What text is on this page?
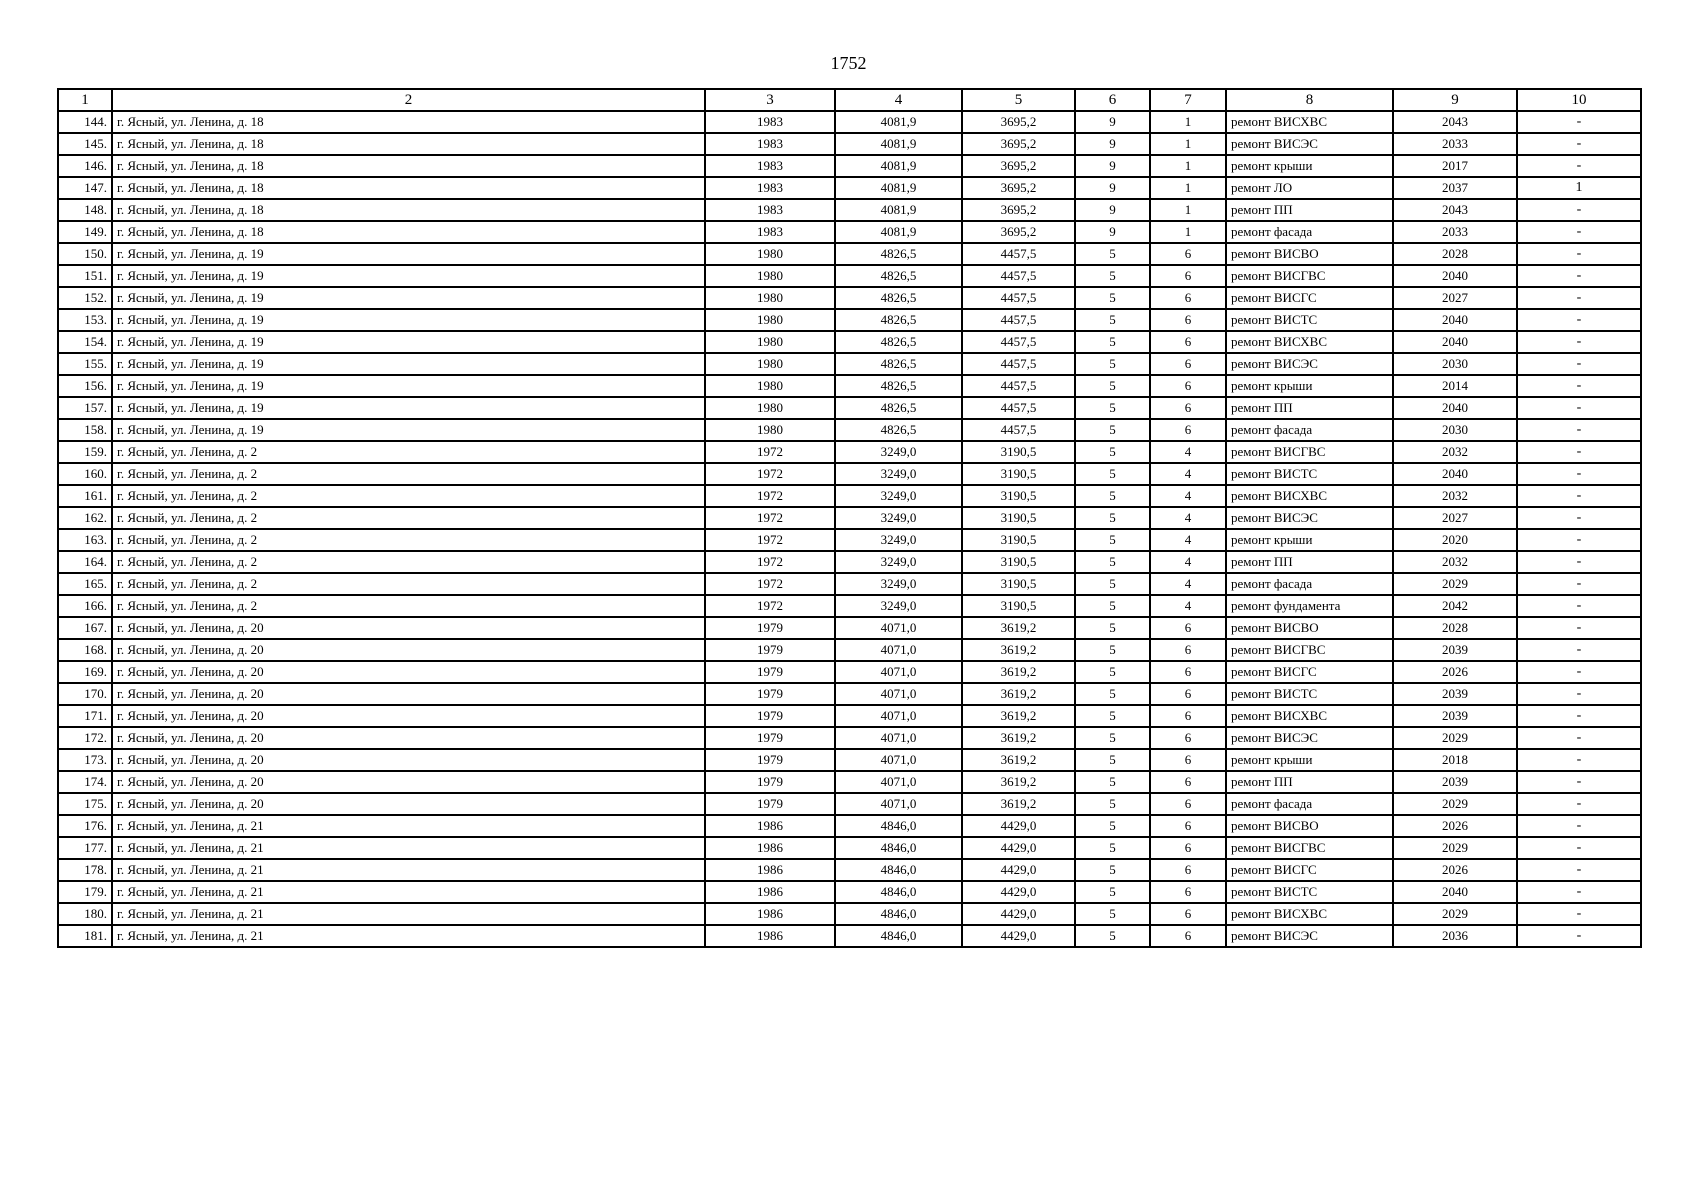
1752
1	2	3	4	5	6	7	8	9	10
144.	г. Ясный, ул. Ленина, д. 18	1983	4081,9	3695,2	9	1	ремонт ВИСХВС	2043	-
145.	г. Ясный, ул. Ленина, д. 18	1983	4081,9	3695,2	9	1	ремонт ВИСЭС	2033	-
146.	г. Ясный, ул. Ленина, д. 18	1983	4081,9	3695,2	9	1	ремонт крыши	2017	-
147.	г. Ясный, ул. Ленина, д. 18	1983	4081,9	3695,2	9	1	ремонт ЛО	2037	1
148.	г. Ясный, ул. Ленина, д. 18	1983	4081,9	3695,2	9	1	ремонт ПП	2043	-
149.	г. Ясный, ул. Ленина, д. 18	1983	4081,9	3695,2	9	1	ремонт фасада	2033	-
150.	г. Ясный, ул. Ленина, д. 19	1980	4826,5	4457,5	5	6	ремонт ВИСВО	2028	-
151.	г. Ясный, ул. Ленина, д. 19	1980	4826,5	4457,5	5	6	ремонт ВИСГВС	2040	-
152.	г. Ясный, ул. Ленина, д. 19	1980	4826,5	4457,5	5	6	ремонт ВИСГС	2027	-
153.	г. Ясный, ул. Ленина, д. 19	1980	4826,5	4457,5	5	6	ремонт ВИСТС	2040	-
154.	г. Ясный, ул. Ленина, д. 19	1980	4826,5	4457,5	5	6	ремонт ВИСХВС	2040	-
155.	г. Ясный, ул. Ленина, д. 19	1980	4826,5	4457,5	5	6	ремонт ВИСЭС	2030	-
156.	г. Ясный, ул. Ленина, д. 19	1980	4826,5	4457,5	5	6	ремонт крыши	2014	-
157.	г. Ясный, ул. Ленина, д. 19	1980	4826,5	4457,5	5	6	ремонт ПП	2040	-
158.	г. Ясный, ул. Ленина, д. 19	1980	4826,5	4457,5	5	6	ремонт фасада	2030	-
159.	г. Ясный, ул. Ленина, д. 2	1972	3249,0	3190,5	5	4	ремонт ВИСГВС	2032	-
160.	г. Ясный, ул. Ленина, д. 2	1972	3249,0	3190,5	5	4	ремонт ВИСТС	2040	-
161.	г. Ясный, ул. Ленина, д. 2	1972	3249,0	3190,5	5	4	ремонт ВИСХВС	2032	-
162.	г. Ясный, ул. Ленина, д. 2	1972	3249,0	3190,5	5	4	ремонт ВИСЭС	2027	-
163.	г. Ясный, ул. Ленина, д. 2	1972	3249,0	3190,5	5	4	ремонт крыши	2020	-
164.	г. Ясный, ул. Ленина, д. 2	1972	3249,0	3190,5	5	4	ремонт ПП	2032	-
165.	г. Ясный, ул. Ленина, д. 2	1972	3249,0	3190,5	5	4	ремонт фасада	2029	-
166.	г. Ясный, ул. Ленина, д. 2	1972	3249,0	3190,5	5	4	ремонт фундамента	2042	-
167.	г. Ясный, ул. Ленина, д. 20	1979	4071,0	3619,2	5	6	ремонт ВИСВО	2028	-
168.	г. Ясный, ул. Ленина, д. 20	1979	4071,0	3619,2	5	6	ремонт ВИСГВС	2039	-
169.	г. Ясный, ул. Ленина, д. 20	1979	4071,0	3619,2	5	6	ремонт ВИСГС	2026	-
170.	г. Ясный, ул. Ленина, д. 20	1979	4071,0	3619,2	5	6	ремонт ВИСТС	2039	-
171.	г. Ясный, ул. Ленина, д. 20	1979	4071,0	3619,2	5	6	ремонт ВИСХВС	2039	-
172.	г. Ясный, ул. Ленина, д. 20	1979	4071,0	3619,2	5	6	ремонт ВИСЭС	2029	-
173.	г. Ясный, ул. Ленина, д. 20	1979	4071,0	3619,2	5	6	ремонт крыши	2018	-
174.	г. Ясный, ул. Ленина, д. 20	1979	4071,0	3619,2	5	6	ремонт ПП	2039	-
175.	г. Ясный, ул. Ленина, д. 20	1979	4071,0	3619,2	5	6	ремонт фасада	2029	-
176.	г. Ясный, ул. Ленина, д. 21	1986	4846,0	4429,0	5	6	ремонт ВИСВО	2026	-
177.	г. Ясный, ул. Ленина, д. 21	1986	4846,0	4429,0	5	6	ремонт ВИСГВС	2029	-
178.	г. Ясный, ул. Ленина, д. 21	1986	4846,0	4429,0	5	6	ремонт ВИСГС	2026	-
179.	г. Ясный, ул. Ленина, д. 21	1986	4846,0	4429,0	5	6	ремонт ВИСТС	2040	-
180.	г. Ясный, ул. Ленина, д. 21	1986	4846,0	4429,0	5	6	ремонт ВИСХВС	2029	-
181.	г. Ясный, ул. Ленина, д. 21	1986	4846,0	4429,0	5	6	ремонт ВИСЭС	2036	-
